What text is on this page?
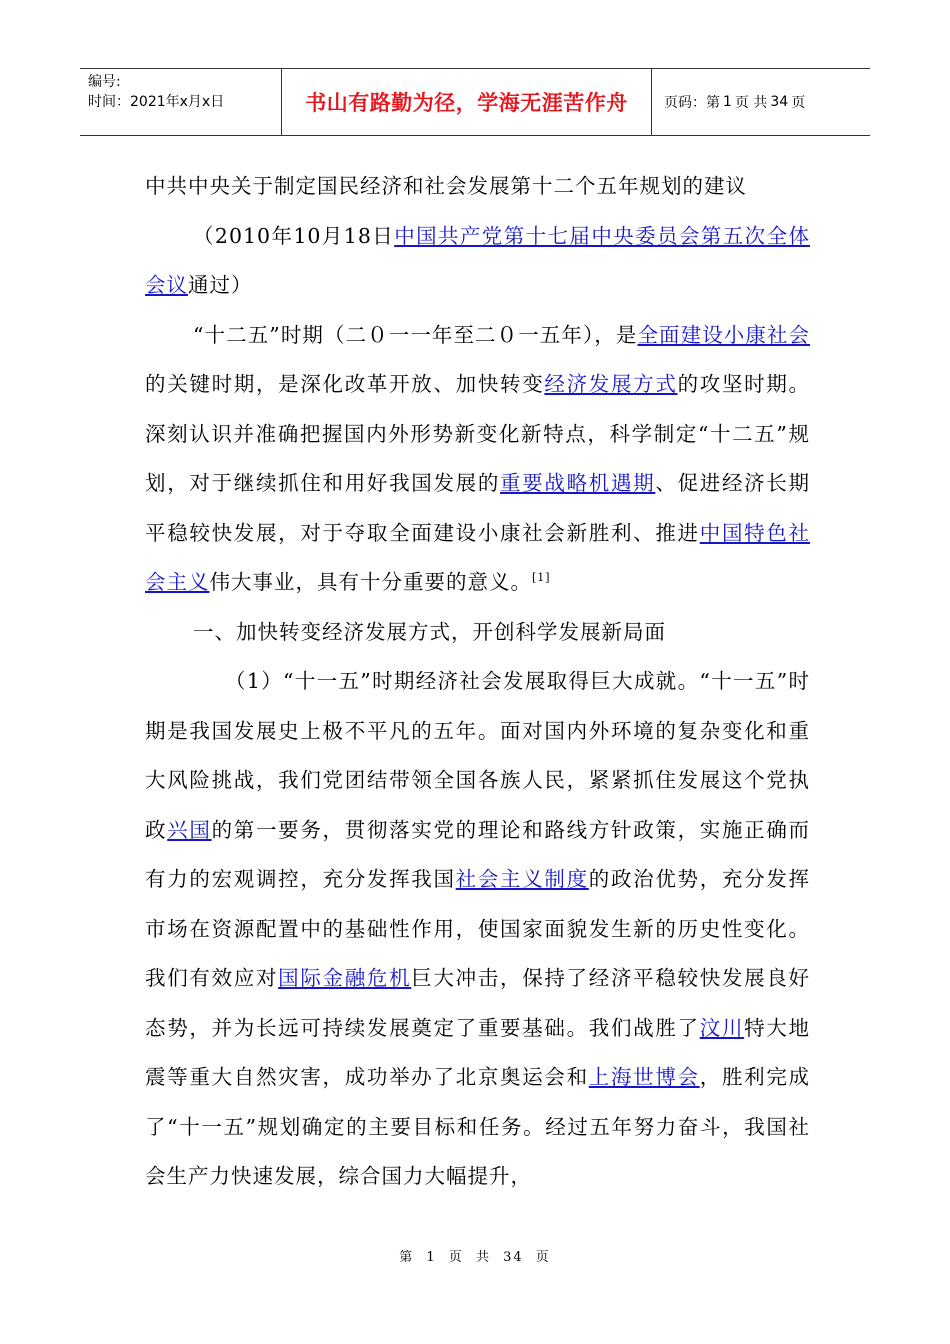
编号:
时间：2021年x月x日	书山有路勤为径，学海无涯苦作舟	页码：第 1 页 共 34 页

中共中央关于制定国民经济和社会发展第十二个五年规划的建议

（2010年10月18日中国共产党第十七届中央委员会第五次全体会议通过）

“十二五”时期（二０一一年至二０一五年），是全面建设小康社会的关键时期，是深化改革开放、加快转变经济发展方式的攻坚时期。深刻认识并准确把握国内外形势新变化新特点，科学制定“十二五”规划，对于继续抓住和用好我国发展的重要战略机遇期、促进经济长期平稳较快发展，对于夺取全面建设小康社会新胜利、推进中国特色社会主义伟大事业，具有十分重要的意义。[1]

一、加快转变经济发展方式，开创科学发展新局面

（1）“十一五”时期经济社会发展取得巨大成就。“十一五”时期是我国发展史上极不平凡的五年。面对国内外环境的复杂变化和重大风险挑战，我们党团结带领全国各族人民，紧紧抓住发展这个党执政兴国的第一要务，贯彻落实党的理论和路线方针政策，实施正确而有力的宏观调控，充分发挥我国社会主义制度的政治优势，充分发挥市场在资源配置中的基础性作用，使国家面貌发生新的历史性变化。我们有效应对国际金融危机巨大冲击，保持了经济平稳较快发展良好态势，并为长远可持续发展奠定了重要基础。我们战胜了汶川特大地震等重大自然灾害，成功举办了北京奥运会和上海世博会，胜利完成了“十一五”规划确定的主要目标和任务。经过五年努力奋斗，我国社会生产力快速发展，综合国力大幅提升，

第 1 页 共 34 页
